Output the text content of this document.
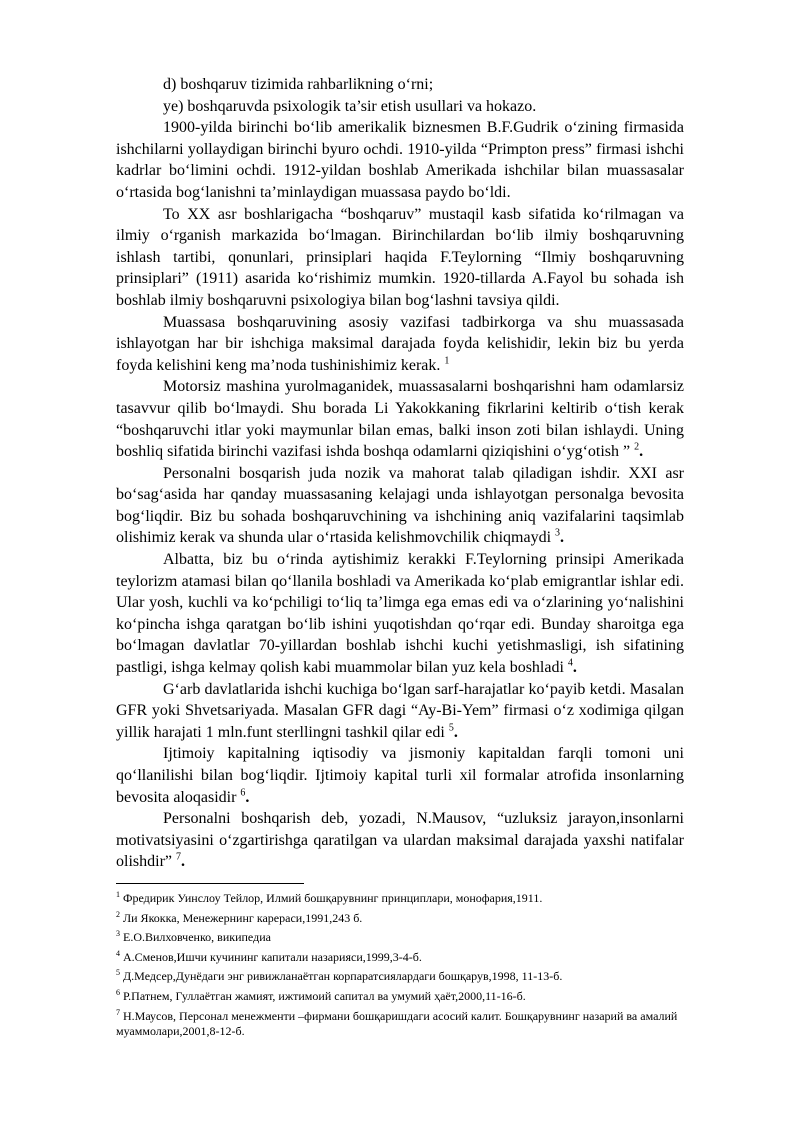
d) boshqaruv tizimida rahbarlikning o‘rni;

ye) boshqaruvda psixologik ta’sir etish usullari va hokazo.

1900-yilda birinchi bo‘lib amerikalik biznesmen B.F.Gudrik o‘zining firmasida ishchilarni yollaydigan birinchi byuro ochdi. 1910-yilda “Primpton press” firmasi ishchi kadrlar bo‘limini ochdi. 1912-yildan boshlab Amerikada ishchilar bilan muassasalar o‘rtasida bog‘lanishni ta’minlaydigan muassasa paydo bo‘ldi.

To XX asr boshlarigacha “boshqaruv” mustaqil kasb sifatida ko‘rilmagan va ilmiy o‘rganish markazida bo‘lmagan. Birinchilardan bo‘lib ilmiy boshqaruvning ishlash tartibi, qonunlari, prinsiplari haqida F.Teylorning “Ilmiy boshqaruvning prinsiplari” (1911) asarida ko‘rishimiz mumkin. 1920-tillarda A.Fayol bu sohada ish boshlab ilmiy boshqaruvni psixologiya bilan bog‘lashni tavsiya qildi.

Muassasa boshqaruvining asosiy vazifasi tadbirkorga va shu muassasada ishlayotgan har bir ishchiga maksimal darajada foyda kelishidir, lekin biz bu yerda foyda kelishini keng ma’noda tushinishimiz kerak. $^1$

Motorsiz mashina yurolmaganidek, muassasalarni boshqarishni ham odamlarsiz tasavvur qilib bo‘lmaydi. Shu borada Li Yakokkaning fikrlarini keltirib o‘tish kerak “boshqaruvchi itlar yoki maymunlar bilan emas, balki inson zoti bilan ishlaydi. Uning boshliq sifatida birinchi vazifasi ishda boshqa odamlarni qiziqishini o‘yg‘otish ” $^2$.

Personalni bosqarish juda nozik va mahorat talab qiladigan ishdir. XXI asr bo‘sag‘asida har qanday muassasaning kelajagi unda ishlayotgan personalga bevosita bog‘liqdir. Biz bu sohada boshqaruvchining va ishchining aniq vazifalarini taqsimlab olishimiz kerak va shunda ular o‘rtasida kelishmovchilik chiqmaydi $^3$.

Albatta, biz bu o‘rinda aytishimiz kerakki F.Teylorning prinsipi Amerikada teylorizm atamasi bilan qo‘llanila boshladi va Amerikada ko‘plab emigrantlar ishlar edi. Ular yosh, kuchli va ko‘pchiligi to‘liq ta’limga ega emas edi va o‘zlarining yo‘nalishini ko‘pincha ishga qaratgan bo‘lib ishini yuqotishdan qo‘rqar edi. Bunday sharoitga ega bo‘lmagan davlatlar 70-yillardan boshlab ishchi kuchi yetishmasligi, ish sifatining pastligi, ishga kelmay qolish kabi muammolar bilan yuz kela boshladi $^4$.

G‘arb davlatlarida ishchi kuchiga bo‘lgan sarf-harajatlar ko‘payib ketdi. Masalan GFR yoki Shvetsariyada. Masalan GFR dagi “Ay-Bi-Yem” firmasi o‘z xodimiga qilgan yillik harajati 1 mln.funt sterllingni tashkil qilar edi $^5$.

Ijtimoiy kapitalning iqtisodiy va jismoniy kapitaldan farqli tomoni uni qo‘llanilishi bilan bog‘liqdir. Ijtimoiy kapital turli xil formalar atrofida insonlarning bevosita aloqasidir $^6$.

Personalni boshqarish deb, yozadi, N.Mausov, “uzluksiz jarayon,insonlarni motivatsiyasini o‘zgartirishga qaratilgan va ulardan maksimal darajada yaxshi natifalar olishdir” $^7$.

$^1$ Фредирик Уинслоу Тейлор, Илмий бошқарувнинг принциплари, монофария,1911.

$^2$ Ли Якокка, Менежернинг карераси,1991,243 б.

$^3$ Е.О.Вилховченко, википедиа

$^4$ А.Сменов,Ишчи кучининг капитали назарияси,1999,3-4-б.

$^5$ Д.Медсер,Дунёдаги энг ривижланаётган корпаратсиялардаги бошқарув,1998, 11-13-б.

$^6$ Р.Патнем, Гуллаётган жамият, ижтимоий сапитал ва умумий ҳаёт,2000,11-16-б.

$^7$ Н.Маусов, Персонал менежменти –фирмани бошқаришдаги асосий калит. Бошқарувнинг назарий ва амалий муаммолари,2001,8-12-б.
